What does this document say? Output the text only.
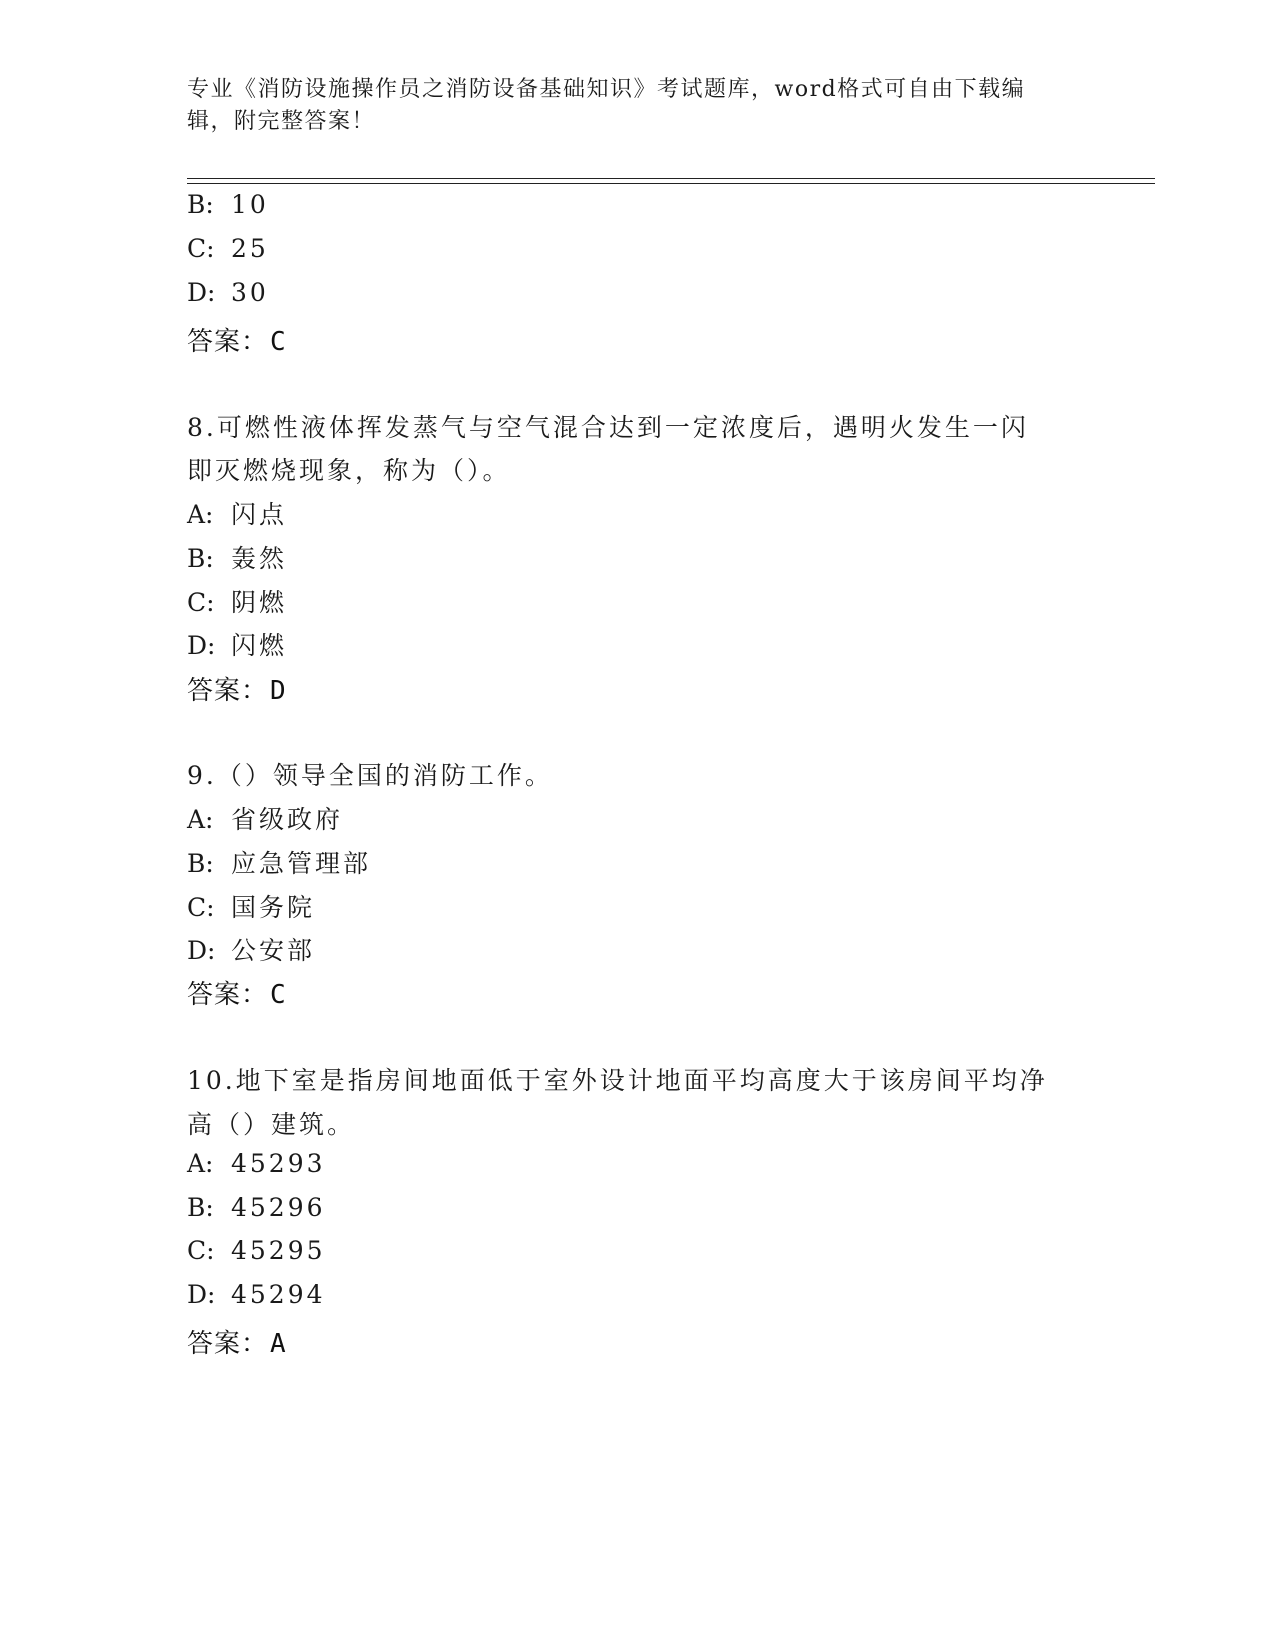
专业《消防设施操作员之消防设备基础知识》考试题库，word格式可自由下载编
辑，附完整答案！
B: 10
C: 25
D: 30
答案：C
8.可燃性液体挥发蒸气与空气混合达到一定浓度后，遇明火发生一闪
即灭燃烧现象，称为（）。
A: 闪点
B: 轰然
C: 阴燃
D: 闪燃
答案：D
9.（）领导全国的消防工作。
A: 省级政府
B: 应急管理部
C: 国务院
D: 公安部
答案：C
10.地下室是指房间地面低于室外设计地面平均高度大于该房间平均净
高（）建筑。
A: 45293
B: 45296
C: 45295
D: 45294
答案：A
